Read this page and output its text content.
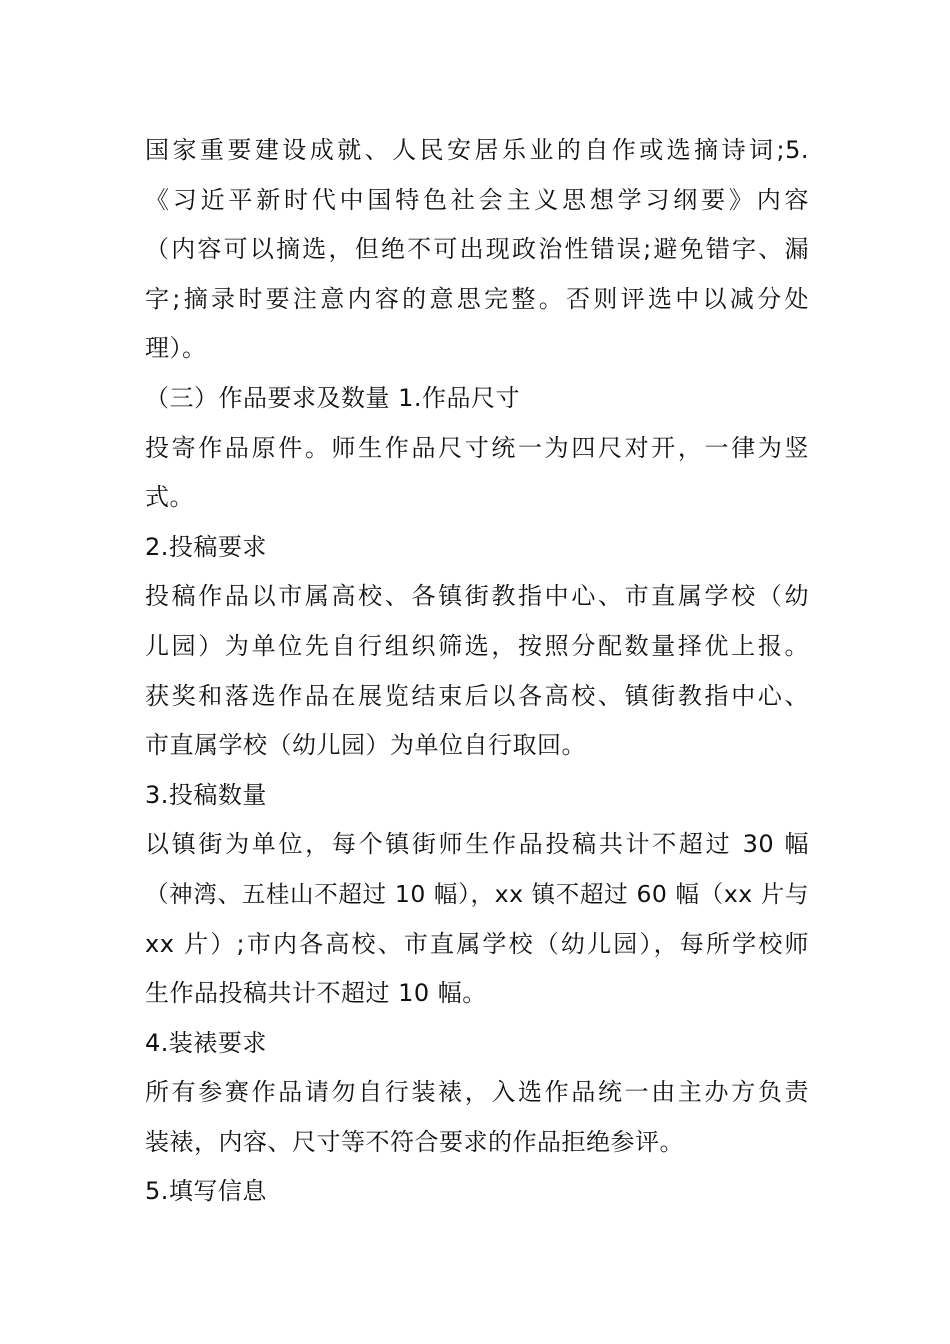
国家重要建设成就、人民安居乐业的自作或选摘诗词;5.
《习近平新时代中国特色社会主义思想学习纲要》内容
（内容可以摘选，但绝不可出现政治性错误;避免错字、漏
字;摘录时要注意内容的意思完整。否则评选中以减分处
理）。
（三）作品要求及数量 1.作品尺寸
投寄作品原件。师生作品尺寸统一为四尺对开，一律为竖
式。
2.投稿要求
投稿作品以市属高校、各镇街教指中心、市直属学校（幼
儿园）为单位先自行组织筛选，按照分配数量择优上报。
获奖和落选作品在展览结束后以各高校、镇街教指中心、
市直属学校（幼儿园）为单位自行取回。
3.投稿数量
以镇街为单位，每个镇街师生作品投稿共计不超过 30 幅
（神湾、五桂山不超过 10 幅），xx 镇不超过 60 幅（xx 片与
xx 片）;市内各高校、市直属学校（幼儿园），每所学校师
生作品投稿共计不超过 10 幅。
4.装裱要求
所有参赛作品请勿自行装裱，入选作品统一由主办方负责
装裱，内容、尺寸等不符合要求的作品拒绝参评。
5.填写信息
